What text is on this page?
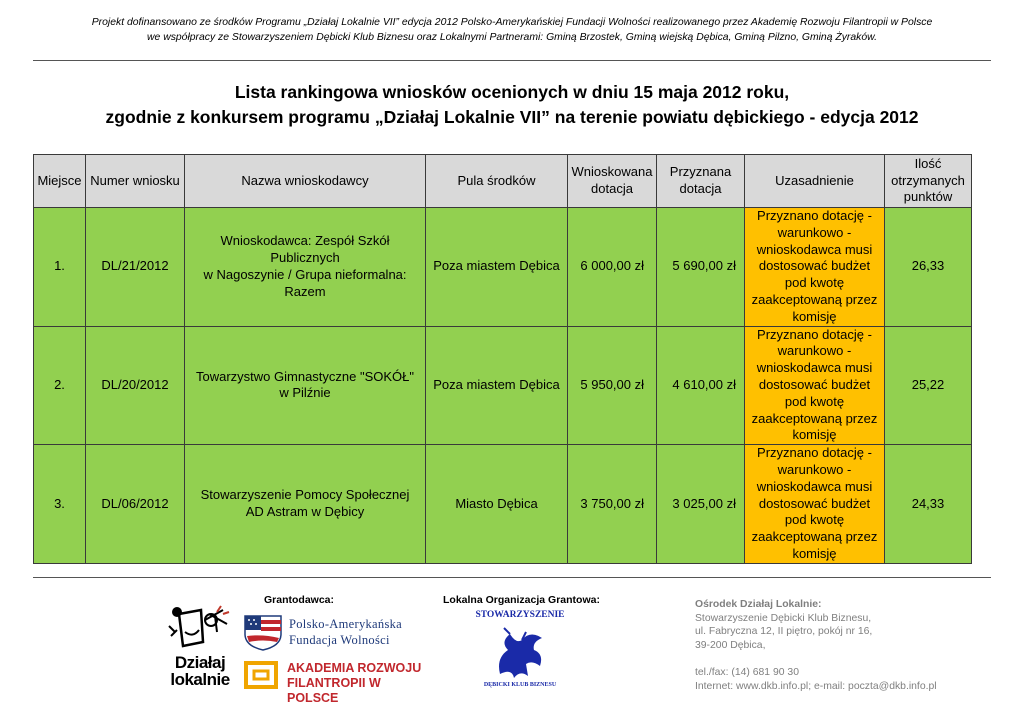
Projekt dofinansowano ze środków Programu „Działaj Lokalnie VII” edycja 2012 Polsko-Amerykańskiej Fundacji Wolności realizowanego przez Akademię Rozwoju Filantropii w Polsce
we współpracy ze Stowarzyszeniem Dębicki Klub Biznesu oraz Lokalnymi Partnerami: Gminą Brzostek, Gminą wiejską Dębica, Gminą Pilzno, Gminą Żyraków.
Lista rankingowa wniosków ocenionych w dniu 15 maja 2012 roku,
zgodnie z konkursem programu „Działaj Lokalnie VII” na terenie powiatu dębickiego - edycja 2012
Miejsce	Numer wniosku	Nazwa wnioskodawcy	Pula środków	Wnioskowana dotacja	Przyznana dotacja	Uzasadnienie	Ilość otrzymanych punktów
1.	DL/21/2012	Wnioskodawca: Zespół Szkół Publicznych
w Nagoszynie / Grupa nieformalna: Razem	Poza miastem Dębica	6 000,00 zł	5 690,00 zł	Przyznano dotację - warunkowo - wnioskodawca musi dostosować budżet pod kwotę zaakceptowaną przez komisję	26,33
2.	DL/20/2012	Towarzystwo Gimnastyczne "SOKÓŁ"
w Pilźnie	Poza miastem Dębica	5 950,00 zł	4 610,00 zł	Przyznano dotację - warunkowo - wnioskodawca musi dostosować budżet pod kwotę zaakceptowaną przez komisję	25,22
3.	DL/06/2012	Stowarzyszenie Pomocy Społecznej
AD Astram w Dębicy	Miasto Dębica	3 750,00 zł	3 025,00 zł	Przyznano dotację - warunkowo - wnioskodawca musi dostosować budżet pod kwotę zaakceptowaną przez komisję	24,33
Grantodawca:	Lokalna Organizacja Grantowa:
Działaj
lokalnie
Polsko-Amerykańska
Fundacja Wolności
AKADEMIA ROZWOJU
FILANTROPII W POLSCE
STOWARZYSZENIE
DĘBICKI KLUB BIZNESU
Ośrodek Działaj Lokalnie:
Stowarzyszenie Dębicki Klub Biznesu,
ul. Fabryczna 12, II piętro, pokój nr 16,
39-200 Dębica,
tel./fax: (14) 681 90 30
Internet: www.dkb.info.pl; e-mail: poczta@dkb.info.pl
